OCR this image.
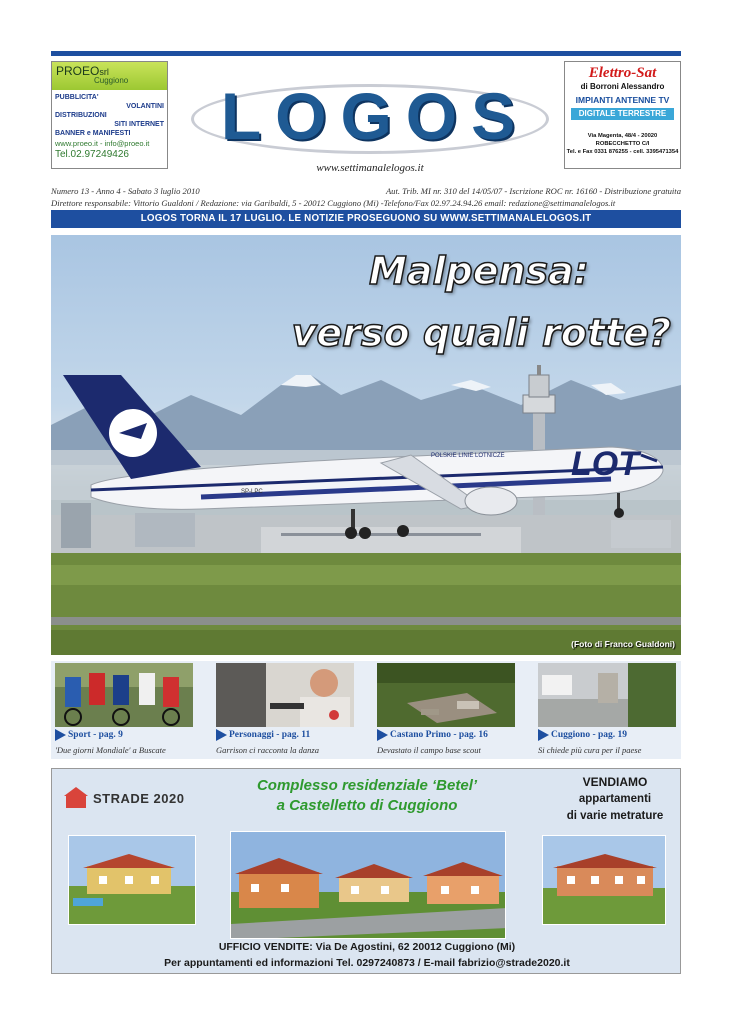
PROEOsrl
Cuggiono
PUBBLICITA'
VOLANTINI
DISTRIBUZIONI
SITI INTERNET
BANNER e MANIFESTI
www.proeo.it - info@proeo.it
Tel.02.97249426
LOGOS
www.settimanalelogos.it
Elettro-Sat
di Borroni Alessandro
IMPIANTI ANTENNE TV
DIGITALE TERRESTRE
Via Magenta, 48/4 - 20020 ROBECCHETTO C/I
Tel. e Fax 0331 876255 - cell. 3395471354
Numero 13 - Anno 4 - Sabato 3 luglio 2010	Aut. Trib. MI nr. 310 del 14/05/07 - Iscrizione ROC nr. 16160 - Distribuzione gratuita
Direttore responsabile: Vittorio Gualdoni / Redazione: via Garibaldi, 5 - 20012 Cuggiono (Mi) -Telefono/Fax 02.97.24.94.26 email: redazione@settimanalelogos.it
LOGOS TORNA IL 17 LUGLIO. LE NOTIZIE PROSEGUONO SU WWW.SETTIMANALELOGOS.IT
LOT
POLSKIE LINIE LOTNICZE
SP-LPC
Malpensa:
verso quali rotte?
(Foto di Franco Gualdoni)
Sport - pag. 9
'Due giorni Mondiale' a Buscate
Personaggi - pag. 11
Garrison ci racconta la danza
Castano Primo - pag. 16
Devastato il campo base scout
Cuggiono - pag. 19
Si chiede più cura per il paese
STRADE 2020
Complesso residenziale ‘Betel’
a Castelletto di Cuggiono
VENDIAMO
appartamenti
di varie metrature
UFFICIO VENDITE: Via De Agostini, 62 20012 Cuggiono (Mi)
Per appuntamenti ed informazioni Tel. 0297240873 / E-mail fabrizio@strade2020.it
